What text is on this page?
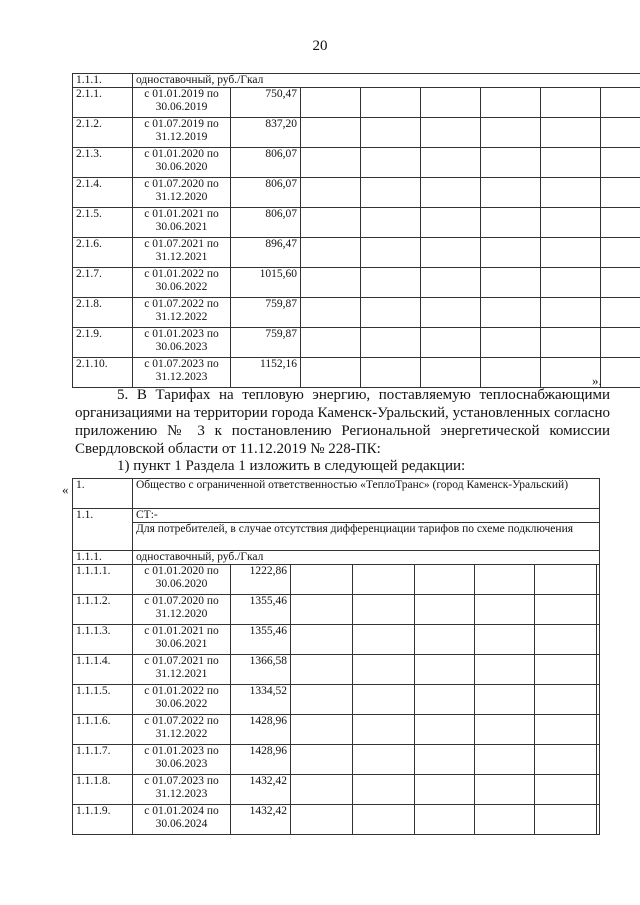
20
1.1.1.	одноставочный, руб./Гкал							
2.1.1.	с 01.01.2019 по 30.06.2019	750,47						
2.1.2.	с 01.07.2019 по 31.12.2019	837,20						
2.1.3.	с 01.01.2020 по 30.06.2020	806,07						
2.1.4.	с 01.07.2020 по 31.12.2020	806,07						
2.1.5.	с 01.01.2021 по 30.06.2021	806,07						
2.1.6.	с 01.07.2021 по 31.12.2021	896,47						
2.1.7.	с 01.01.2022 по 30.06.2022	1015,60						
2.1.8.	с 01.07.2022 по 31.12.2022	759,87						
2.1.9.	с 01.01.2023 по 30.06.2023	759,87						
2.1.10.	с 01.07.2023 по 31.12.2023	1152,16						
».

5. В Тарифах на тепловую энергию, поставляемую теплоснабжающими организациями на территории города Каменск-Уральский, установленных согласно приложению № 3 к постановлению Региональной энергетической комиссии Свердловской области от 11.12.2019 № 228-ПК:

1) пункт 1 Раздела 1 изложить в следующей редакции:

« 1.	Общество с ограниченной ответственностью «ТеплоТранс» (город Каменск-Уральский)							
1.1.	СТ:-							
	Для потребителей, в случае отсутствия дифференциации тарифов по схеме подключения							
1.1.1.	одноставочный, руб./Гкал							
1.1.1.1.	с 01.01.2020 по 30.06.2020	1222,86						
1.1.1.2.	с 01.07.2020 по 31.12.2020	1355,46						
1.1.1.3.	с 01.01.2021 по 30.06.2021	1355,46						
1.1.1.4.	с 01.07.2021 по 31.12.2021	1366,58						
1.1.1.5.	с 01.01.2022 по 30.06.2022	1334,52						
1.1.1.6.	с 01.07.2022 по 31.12.2022	1428,96						
1.1.1.7.	с 01.01.2023 по 30.06.2023	1428,96						
1.1.1.8.	с 01.07.2023 по 31.12.2023	1432,42						
1.1.1.9.	с 01.01.2024 по 30.06.2024	1432,42						
